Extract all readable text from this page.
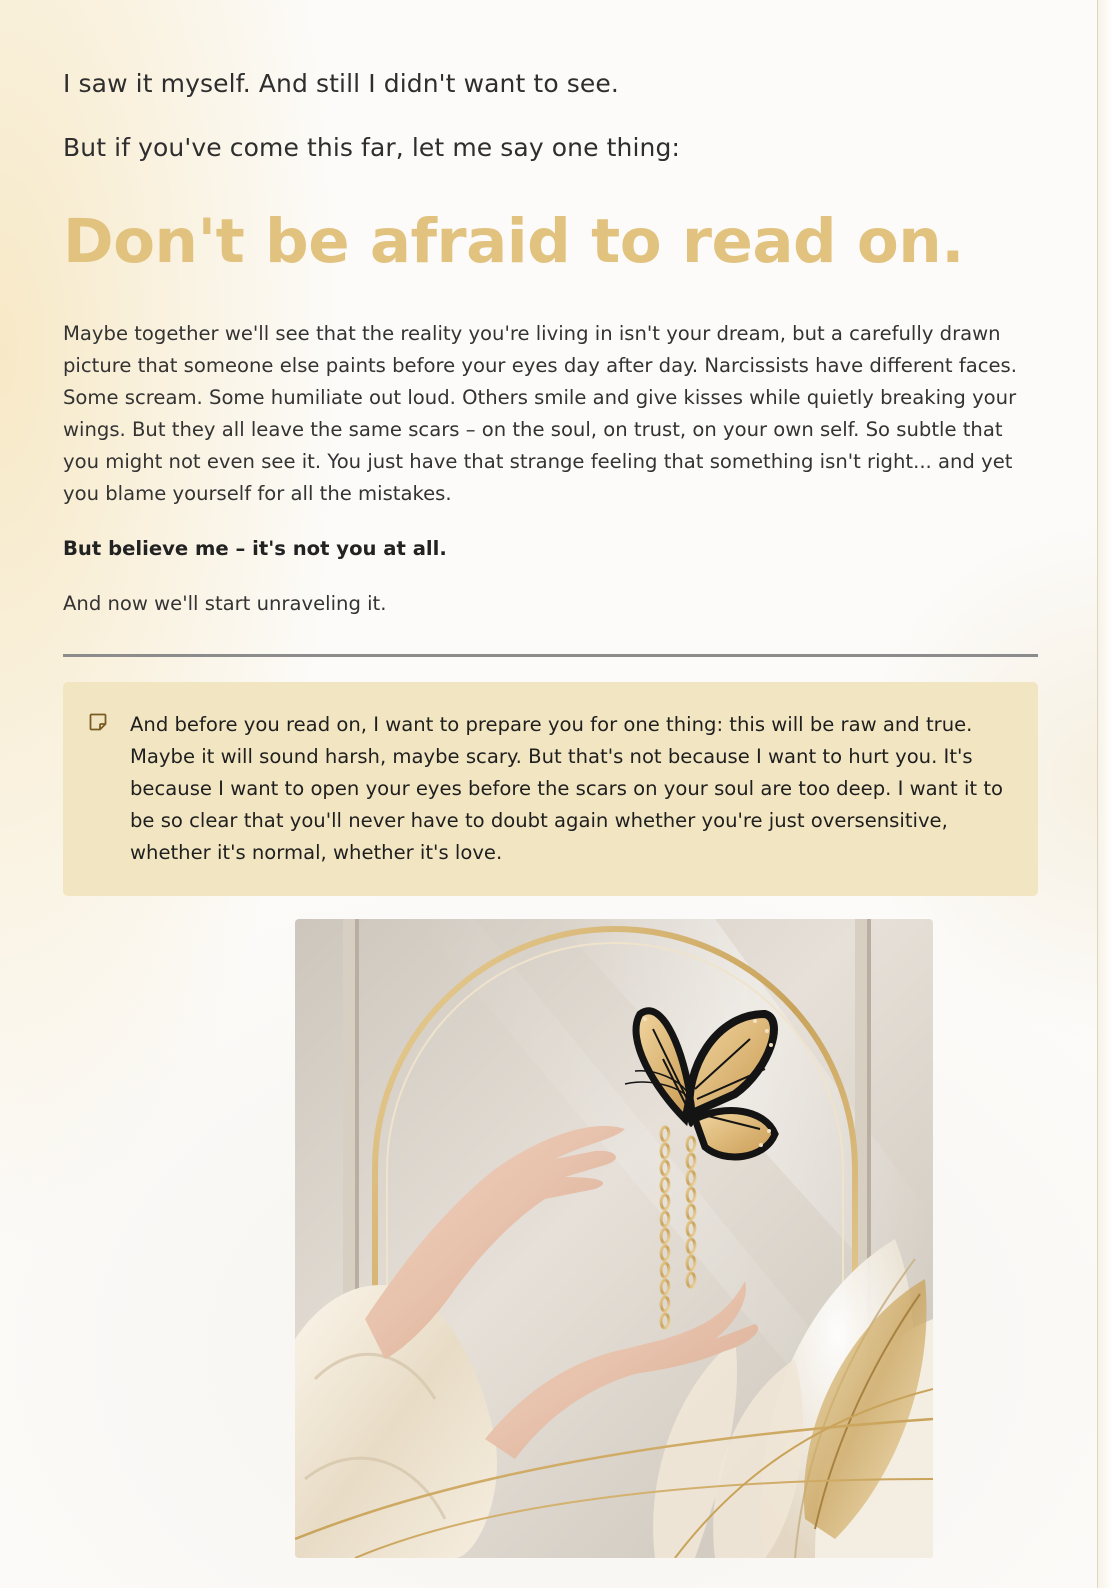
I saw it myself. And still I didn't want to see.

But if you've come this far, let me say one thing:

Don't be afraid to read on.

Maybe together we'll see that the reality you're living in isn't your dream, but a carefully drawn picture that someone else paints before your eyes day after day. Narcissists have different faces. Some scream. Some humiliate out loud. Others smile and give kisses while quietly breaking your wings. But they all leave the same scars – on the soul, on trust, on your own self. So subtle that you might not even see it. You just have that strange feeling that something isn't right... and yet you blame yourself for all the mistakes.

But believe me – it's not you at all.

And now we'll start unraveling it.

And before you read on, I want to prepare you for one thing: this will be raw and true. Maybe it will sound harsh, maybe scary. But that's not because I want to hurt you. It's because I want to open your eyes before the scars on your soul are too deep. I want it to be so clear that you'll never have to doubt again whether you're just oversensitive, whether it's normal, whether it's love.
